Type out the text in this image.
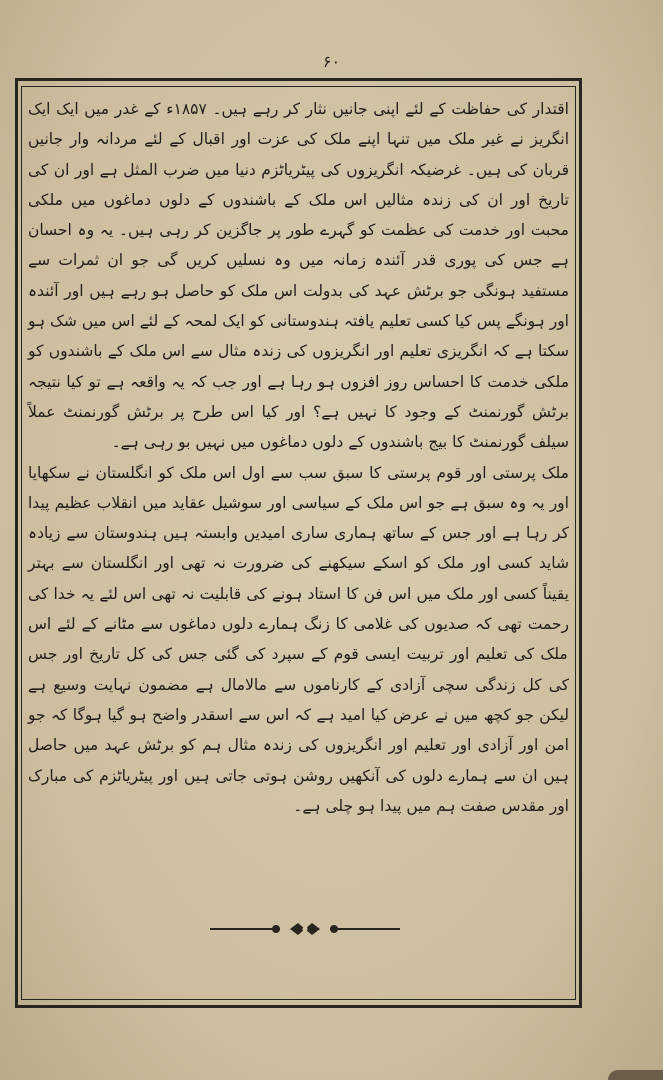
۶۰

اقتدار کی حفاظت کے لئے اپنی جانیں نثار کر رہے ہیں۔ ۱۸۵۷ء کے غدر میں ایک ایک انگریز نے غیر ملک میں تنہا اپنے ملک کی عزت اور اقبال کے لئے مردانہ وار جانیں قربان کی ہیں۔ غرضیکہ انگریزوں کی پیٹریاٹزم دنیا میں ضرب المثل ہے اور ان کی تاریخ اور ان کی زندہ مثالیں اس ملک کے باشندوں کے دلوں دماغوں میں ملکی محبت اور خدمت کی عظمت کو گہرے طور پر جاگزین کر رہی ہیں۔ یہ وہ احسان ہے جس کی پوری قدر آئندہ زمانہ میں وہ نسلیں کریں گی جو ان ثمرات سے مستفید ہونگی جو برٹش عہد کی بدولت اس ملک کو حاصل ہو رہے ہیں اور آئندہ اور ہونگے پس کیا کسی تعلیم یافتہ ہندوستانی کو ایک لمحہ کے لئے اس میں شک ہو سکتا ہے کہ انگریزی تعلیم اور انگریزوں کی زندہ مثال سے اس ملک کے باشندوں کو ملکی خدمت کا احساس روز افزوں ہو رہا ہے اور جب کہ یہ واقعہ ہے تو کیا نتیجہ برٹش گورنمنٹ کے وجود کا نہیں ہے؟ اور کیا اس طرح پر برٹش گورنمنٹ عملاً سیلف گورنمنٹ کا بیج باشندوں کے دلوں دماغوں میں نہیں بو رہی ہے۔

ملک پرستی اور قوم پرستی کا سبق سب سے اول اس ملک کو انگلستان نے سکھایا اور یہ وہ سبق ہے جو اس ملک کے سیاسی اور سوشیل عقاید میں انقلاب عظیم پیدا کر رہا ہے اور جس کے ساتھ ہماری ساری امیدیں وابستہ ہیں ہندوستان سے زیادہ شاید کسی اور ملک کو اسکے سیکھنے کی ضرورت نہ تھی اور انگلستان سے بہتر یقیناً کسی اور ملک میں اس فن کا استاد ہونے کی قابلیت نہ تھی اس لئے یہ خدا کی رحمت تھی کہ صدیوں کی غلامی کا زنگ ہمارے دلوں دماغوں سے مٹانے کے لئے اس ملک کی تعلیم اور تربیت ایسی قوم کے سپرد کی گئی جس کی کل تاریخ اور جس کی کل زندگی سچی آزادی کے کارناموں سے مالامال ہے مضمون نہایت وسیع ہے لیکن جو کچھ میں نے عرض کیا امید ہے کہ اس سے اسقدر واضح ہو گیا ہوگا کہ جو امن اور آزادی اور تعلیم اور انگریزوں کی زندہ مثال ہم کو برٹش عہد میں حاصل ہیں ان سے ہمارے دلوں کی آنکھیں روشن ہوتی جاتی ہیں اور پیٹریاٹزم کی مبارک اور مقدس صفت ہم میں پیدا ہو چلی ہے۔
